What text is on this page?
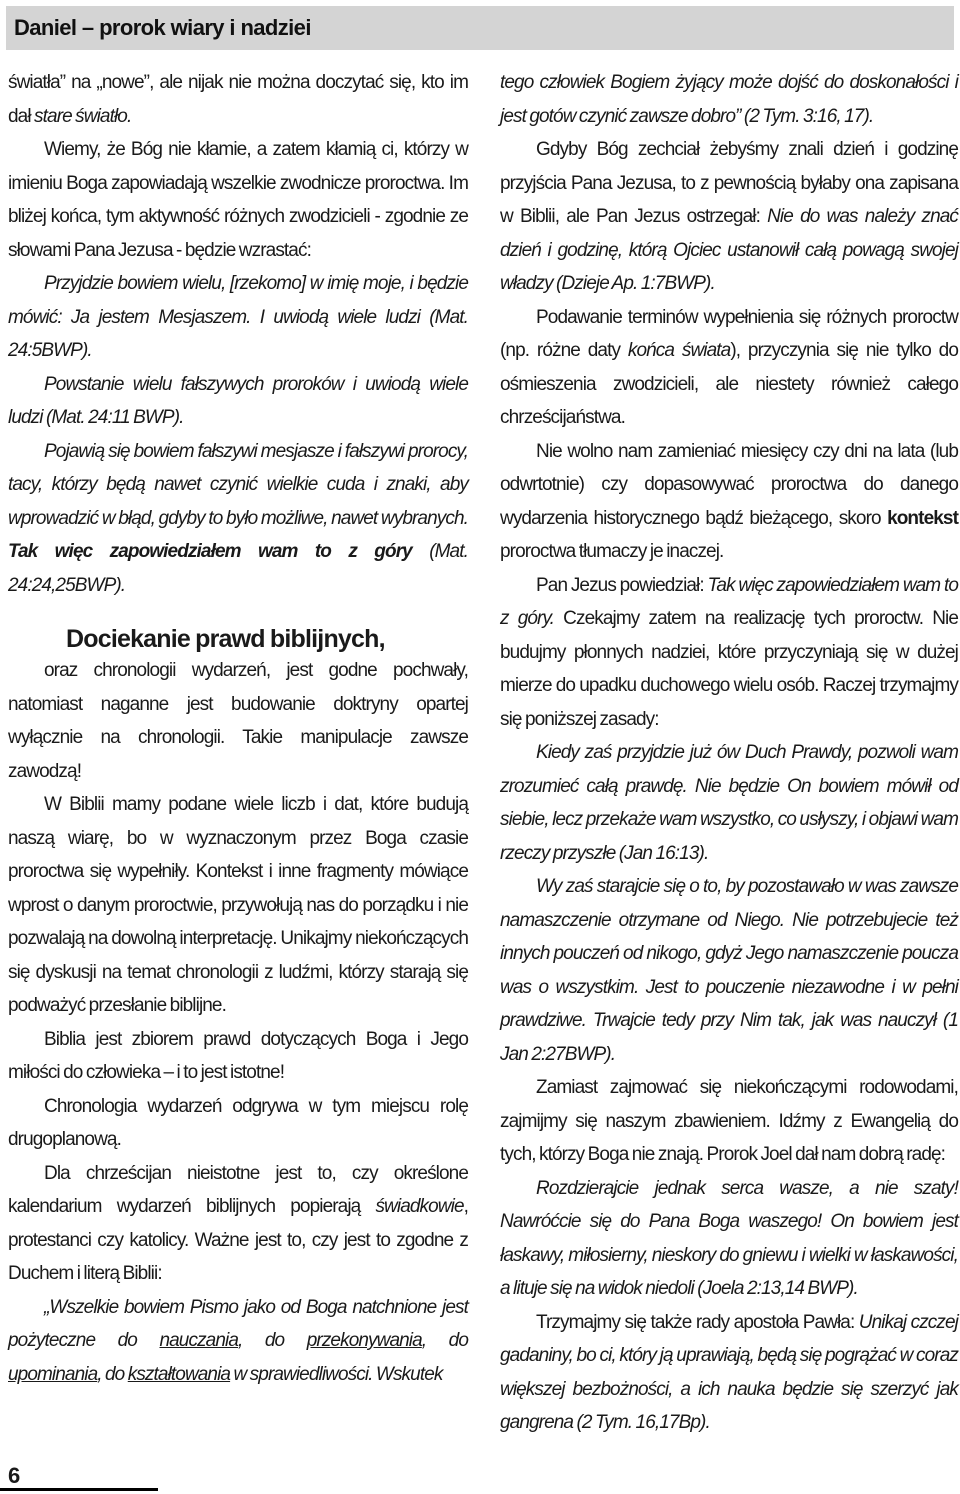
Daniel – prorok wiary i nadziei

światła” na „nowe”, ale nijak nie można doczytać się, kto im dał stare światło.

Wiemy, że Bóg nie kłamie, a zatem kłamią ci, którzy w imieniu Boga zapowiadają wszelkie zwodnicze proroctwa. Im bliżej końca, tym aktywność różnych zwodzicieli - zgodnie ze słowami Pana Jezusa - będzie wzrastać:

Przyjdzie bowiem wielu, [rzekomo] w imię moje, i będzie mówić: Ja jestem Mesjaszem. I uwiodą wiele ludzi (Mat. 24:5BWP).

Powstanie wielu fałszywych proroków i uwiodą wiele ludzi (Mat. 24:11 BWP).

Pojawią się bowiem fałszywi mesjasze i fałszywi prorocy, tacy, którzy będą nawet czynić wielkie cuda i znaki, aby wprowadzić w błąd, gdyby to było możliwe, nawet wybranych. Tak więc zapowiedziałem wam to z góry (Mat. 24:24,25BWP).

Dociekanie prawd biblijnych,

oraz chronologii wydarzeń, jest godne pochwały, natomiast naganne jest budowanie doktryny opartej wyłącznie na chronologii. Takie manipulacje zawsze zawodzą!

W Biblii mamy podane wiele liczb i dat, które budują naszą wiarę, bo w wyznaczonym przez Boga czasie proroctwa się wypełniły. Kontekst i inne fragmenty mówiące wprost o danym proroctwie, przywołują nas do porządku i nie pozwalają na dowolną interpretację. Unikajmy niekończących się dyskusji na temat chronologii z ludźmi, którzy starają się podważyć przesłanie biblijne.

Biblia jest zbiorem prawd dotyczących Boga i Jego miłości do człowieka – i to jest istotne!

Chronologia wydarzeń odgrywa w tym miejscu rolę drugoplanową.

Dla chrześcijan nieistotne jest to, czy określone kalendarium wydarzeń biblijnych popierają świadkowie, protestanci czy katolicy. Ważne jest to, czy jest to zgodne z Duchem i literą Biblii:

„Wszelkie bowiem Pismo jako od Boga natchnione jest pożyteczne do nauczania, do przekonywania, do upominania, do kształtowania w sprawiedliwości. Wskutek

tego człowiek Bogiem żyjący może dojść do doskonałości i jest gotów czynić zawsze dobro” (2 Tym. 3:16, 17).

Gdyby Bóg zechciał żebyśmy znali dzień i godzinę przyjścia Pana Jezusa, to z pewnością byłaby ona zapisana w Biblii, ale Pan Jezus ostrzegał: Nie do was należy znać dzień i godzinę, którą Ojciec ustanowił całą powagą swojej władzy (Dzieje Ap. 1:7BWP).

Podawanie terminów wypełnienia się różnych proroctw (np. różne daty końca świata), przyczynia się nie tylko do ośmieszenia zwodzicieli, ale niestety również całego chrześcijaństwa.

Nie wolno nam zamieniać miesięcy czy dni na lata (lub odwrtotnie) czy dopasowywać proroctwa do danego wydarzenia historycznego bądź bieżącego, skoro kontekst proroctwa tłumaczy je inaczej.

Pan Jezus powiedział: Tak więc zapowiedziałem wam to z góry. Czekajmy zatem na realizację tych proroctw. Nie budujmy płonnych nadziei, które przyczyniają się w dużej mierze do upadku duchowego wielu osób. Raczej trzymajmy się poniższej zasady:

Kiedy zaś przyjdzie już ów Duch Prawdy, pozwoli wam zrozumieć całą prawdę. Nie będzie On bowiem mówił od siebie, lecz przekaże wam wszystko, co usłyszy, i objawi wam rzeczy przyszłe (Jan 16:13).

Wy zaś starajcie się o to, by pozostawało w was zawsze namaszczenie otrzymane od Niego. Nie potrzebujecie też innych pouczeń od nikogo, gdyż Jego namaszczenie poucza was o wszystkim. Jest to pouczenie niezawodne i w pełni prawdziwe. Trwajcie tedy przy Nim tak, jak was nauczył (1 Jan 2:27BWP).

Zamiast zajmować się niekończącymi rodowodami, zajmijmy się naszym zbawieniem. Idźmy z Ewangelią do tych, którzy Boga nie znają. Prorok Joel dał nam dobrą radę:

Rozdzierajcie jednak serca wasze, a nie szaty! Nawróćcie się do Pana Boga waszego! On bowiem jest łaskawy, miłosierny, nieskory do gniewu i wielki w łaskawości, a lituje się na widok niedoli (Joela 2:13,14 BWP).

Trzymajmy się także rady apostoła Pawła: Unikaj czczej gadaniny, bo ci, który ją uprawiają, będą się pogrążać w coraz większej bezbożności, a ich nauka będzie się szerzyć jak gangrena (2 Tym. 16,17Bp).

6
